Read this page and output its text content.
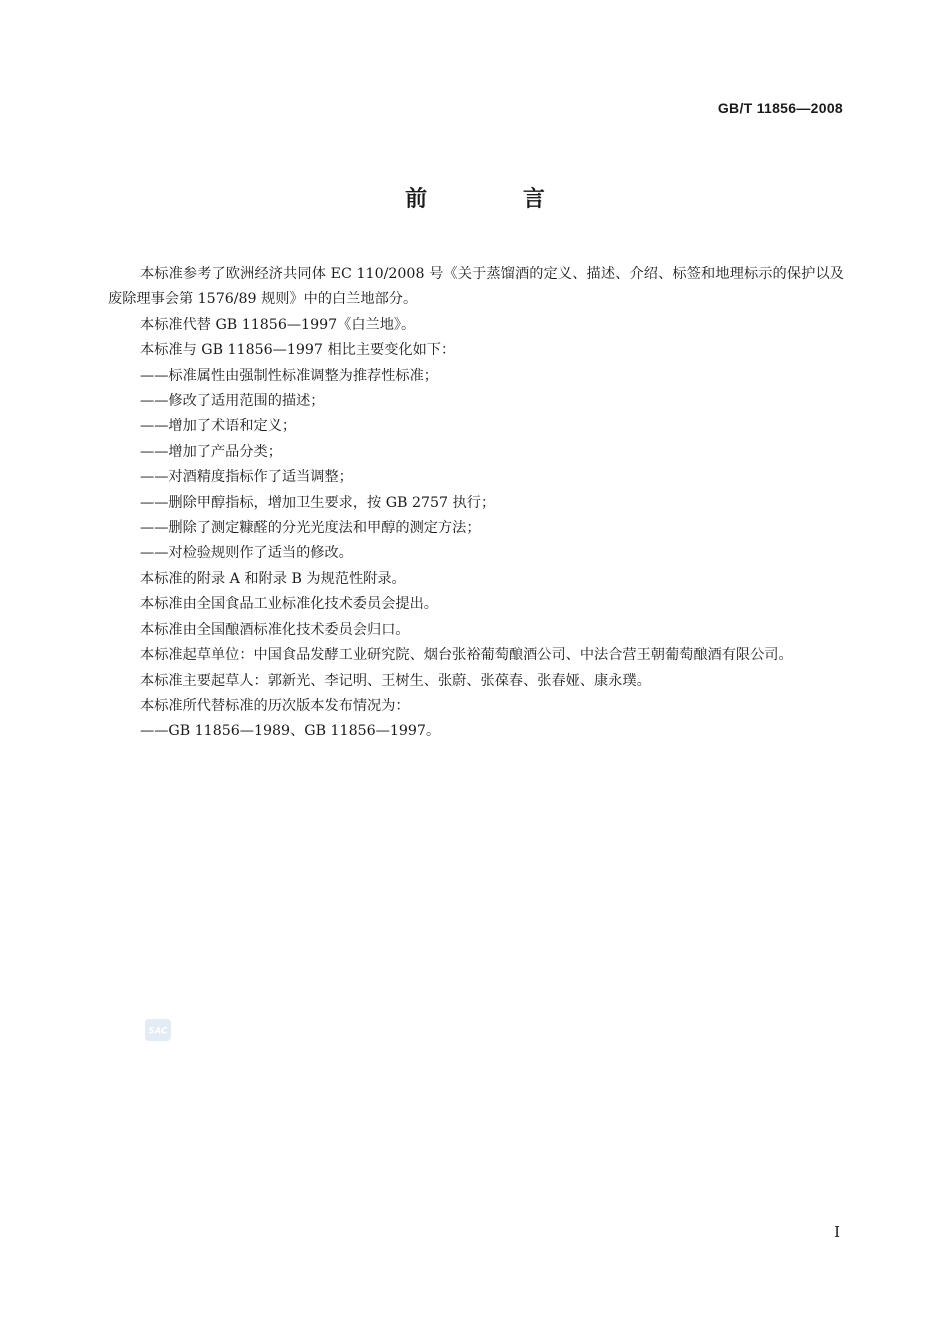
GB/T 11856—2008
前 言

本标准参考了欧洲经济共同体 EC 110/2008 号《关于蒸馏酒的定义、描述、介绍、标签和地理标示的保护以及废除理事会第 1576/89 规则》中的白兰地部分。

本标准代替 GB 11856—1997《白兰地》。

本标准与 GB 11856—1997 相比主要变化如下：

——标准属性由强制性标准调整为推荐性标准；

——修改了适用范围的描述；

——增加了术语和定义；

——增加了产品分类；

——对酒精度指标作了适当调整；

——删除甲醇指标，增加卫生要求，按 GB 2757 执行；

——删除了测定糠醛的分光光度法和甲醇的测定方法；

——对检验规则作了适当的修改。

本标准的附录 A 和附录 B 为规范性附录。

本标准由全国食品工业标准化技术委员会提出。

本标准由全国酿酒标准化技术委员会归口。

本标准起草单位：中国食品发酵工业研究院、烟台张裕葡萄酿酒公司、中法合营王朝葡萄酿酒有限公司。

本标准主要起草人：郭新光、李记明、王树生、张蔚、张葆春、张春娅、康永璞。

本标准所代替标准的历次版本发布情况为：

——GB 11856—1989、GB 11856—1997。

SAC
I
